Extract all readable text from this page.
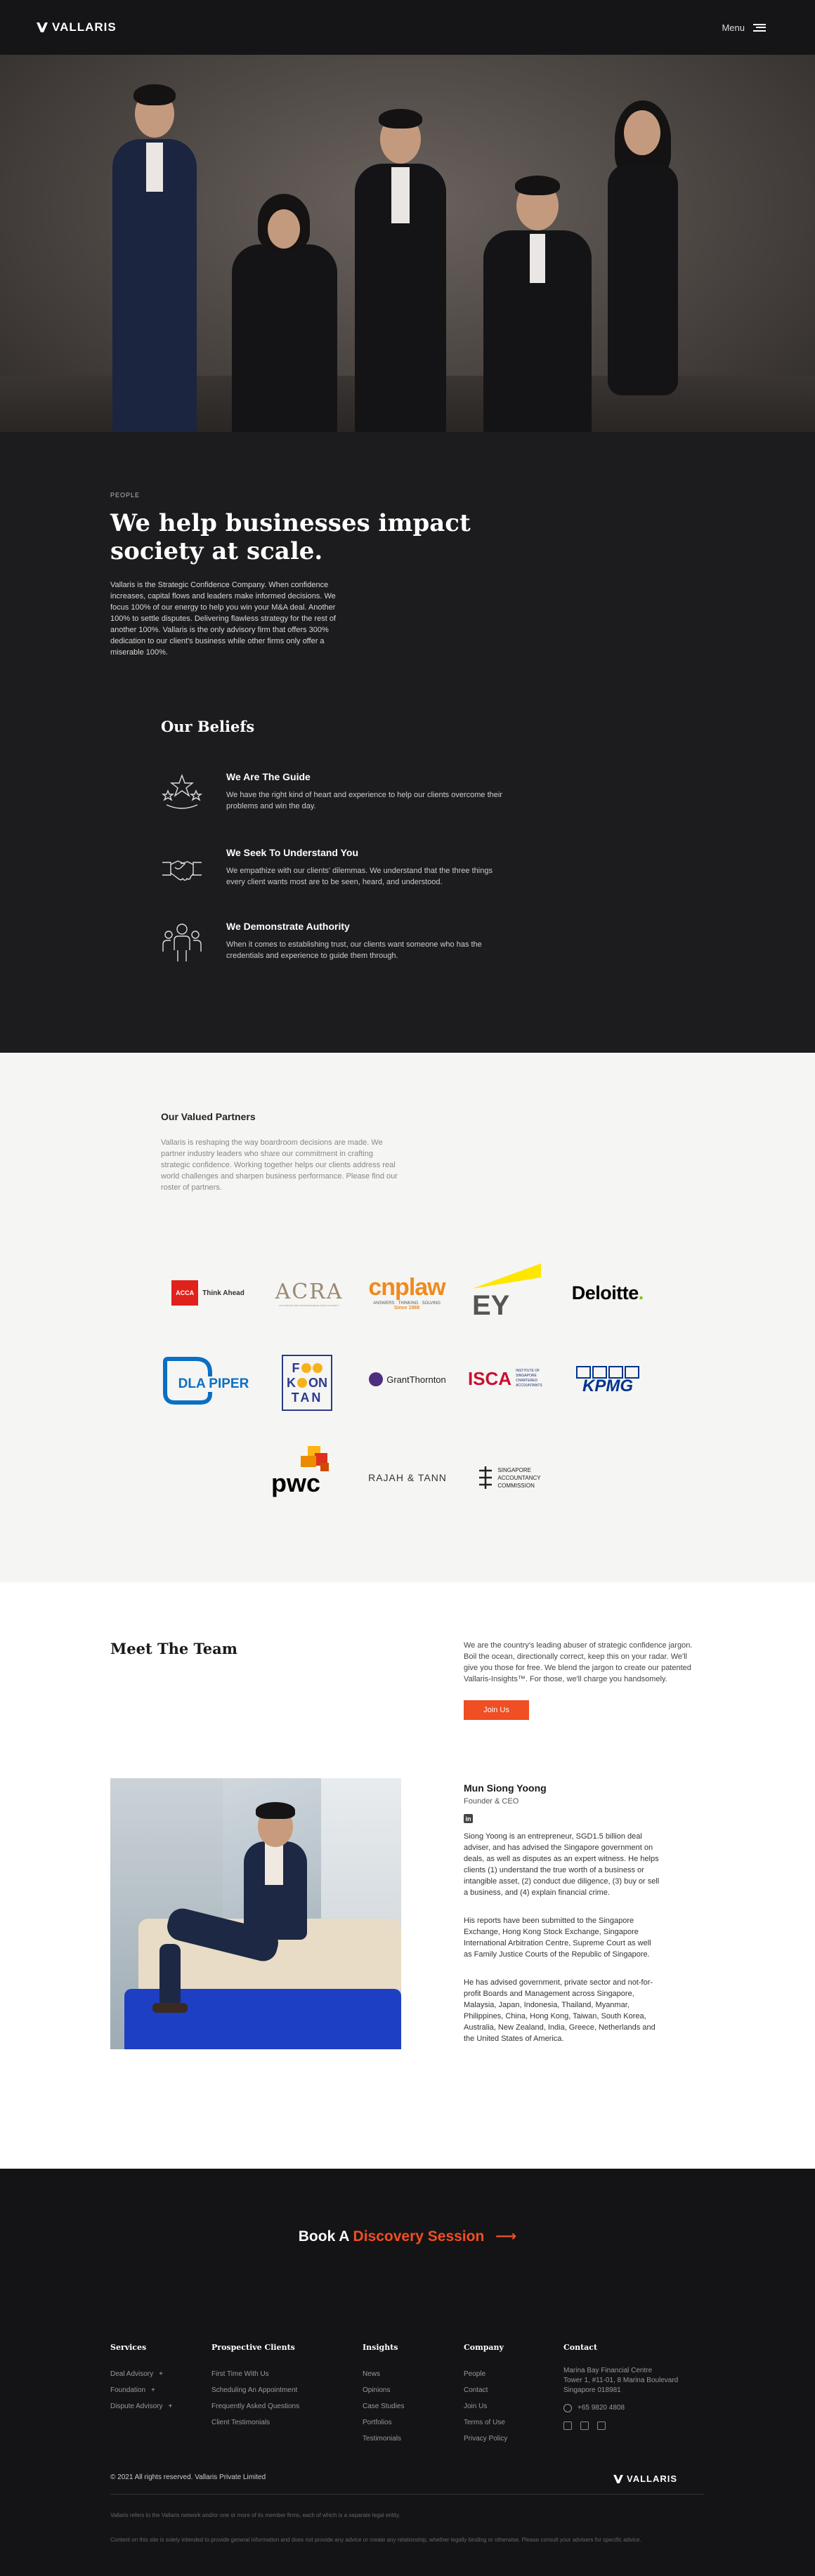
VALLARIS	Menu
PEOPLE
We help businesses impact society at scale.

Vallaris is the Strategic Confidence Company. When confidence increases, capital flows and leaders make informed decisions. We focus 100% of our energy to help you win your M&A deal. Another 100% to settle disputes. Delivering flawless strategy for the rest of another 100%. Vallaris is the only advisory firm that offers 300% dedication to our client's business while other firms only offer a miserable 100%.

Our Beliefs
We Are The Guide
We have the right kind of heart and experience to help our clients overcome their problems and win the day.
We Seek To Understand You
We empathize with our clients' dilemmas. We understand that the three things every client wants most are to be seen, heard, and understood.
We Demonstrate Authority
When it comes to establishing trust, our clients want someone who has the credentials and experience to guide them through.
Our Valued Partners

Vallaris is reshaping the way boardroom decisions are made. We partner industry leaders who share our commitment in crafting strategic confidence. Working together helps our clients address real world challenges and sharpen business performance. Please find our roster of partners.

ACCA	Think Ahead ACRA
ACCOUNTING AND CORPORATE REGULATORY AUTHORITY
cnplaw
ANSWERS · THINKING · SOLVING
Since 1988 EY	Deloitte .
DLA PIPER
F
K ON
TAN
GrantThornton ISCA INSTITUTE OF SINGAPORE CHARTERED ACCOUNTANTS	KPMG
pwc	RAJAH & TANN
SINGAPORE
ACCOUNTANCY
COMMISSION
Meet The Team	We are the country's leading abuser of strategic confidence jargon. Boil the ocean, directionally correct, keep this on your radar. We'll give you those for free. We blend the jargon to create our patented Vallaris-Insights™. For those, we'll charge you handsomely.

Join Us
Mun Siong Yoong
Founder & CEO
in

Siong Yoong is an entrepreneur, SGD1.5 billion deal adviser, and has advised the Singapore government on deals, as well as disputes as an expert witness. He helps clients (1) understand the true worth of a business or intangible asset, (2) conduct due diligence, (3) buy or sell a business, and (4) explain financial crime.

His reports have been submitted to the Singapore Exchange, Hong Kong Stock Exchange, Singapore International Arbitration Centre, Supreme Court as well as Family Justice Courts of the Republic of Singapore.

He has advised government, private sector and not-for-profit Boards and Management across Singapore, Malaysia, Japan, Indonesia, Thailand, Myanmar, Philippines, China, Hong Kong, Taiwan, South Korea, Australia, New Zealand, India, Greece, Netherlands and the United States of America.

Book A Discovery Session ⟶
Services
Deal Advisory +
Foundation +
Dispute Advisory +
Prospective Clients
First Time With Us
Scheduling An Appointment
Frequently Asked Questions
Client Testimonials
Insights
News
Opinions
Case Studies
Portfolios
Testimonials
Company
People
Contact
Join Us
Terms of Use
Privacy Policy
Contact
Marina Bay Financial Centre
Tower 1, #11-01, 8 Marina Boulevard
Singapore 018981
+65 9820 4808
© 2021 All rights reserved. Vallaris Private Limited	VALLARIS
Vallaris refers to the Vallaris network and/or one or more of its member firms, each of which is a separate legal entity.
Content on this site is solely intended to provide general information and does not provide any advice or create any relationship, whether legally binding or otherwise. Please consult your advisers for specific advice.
